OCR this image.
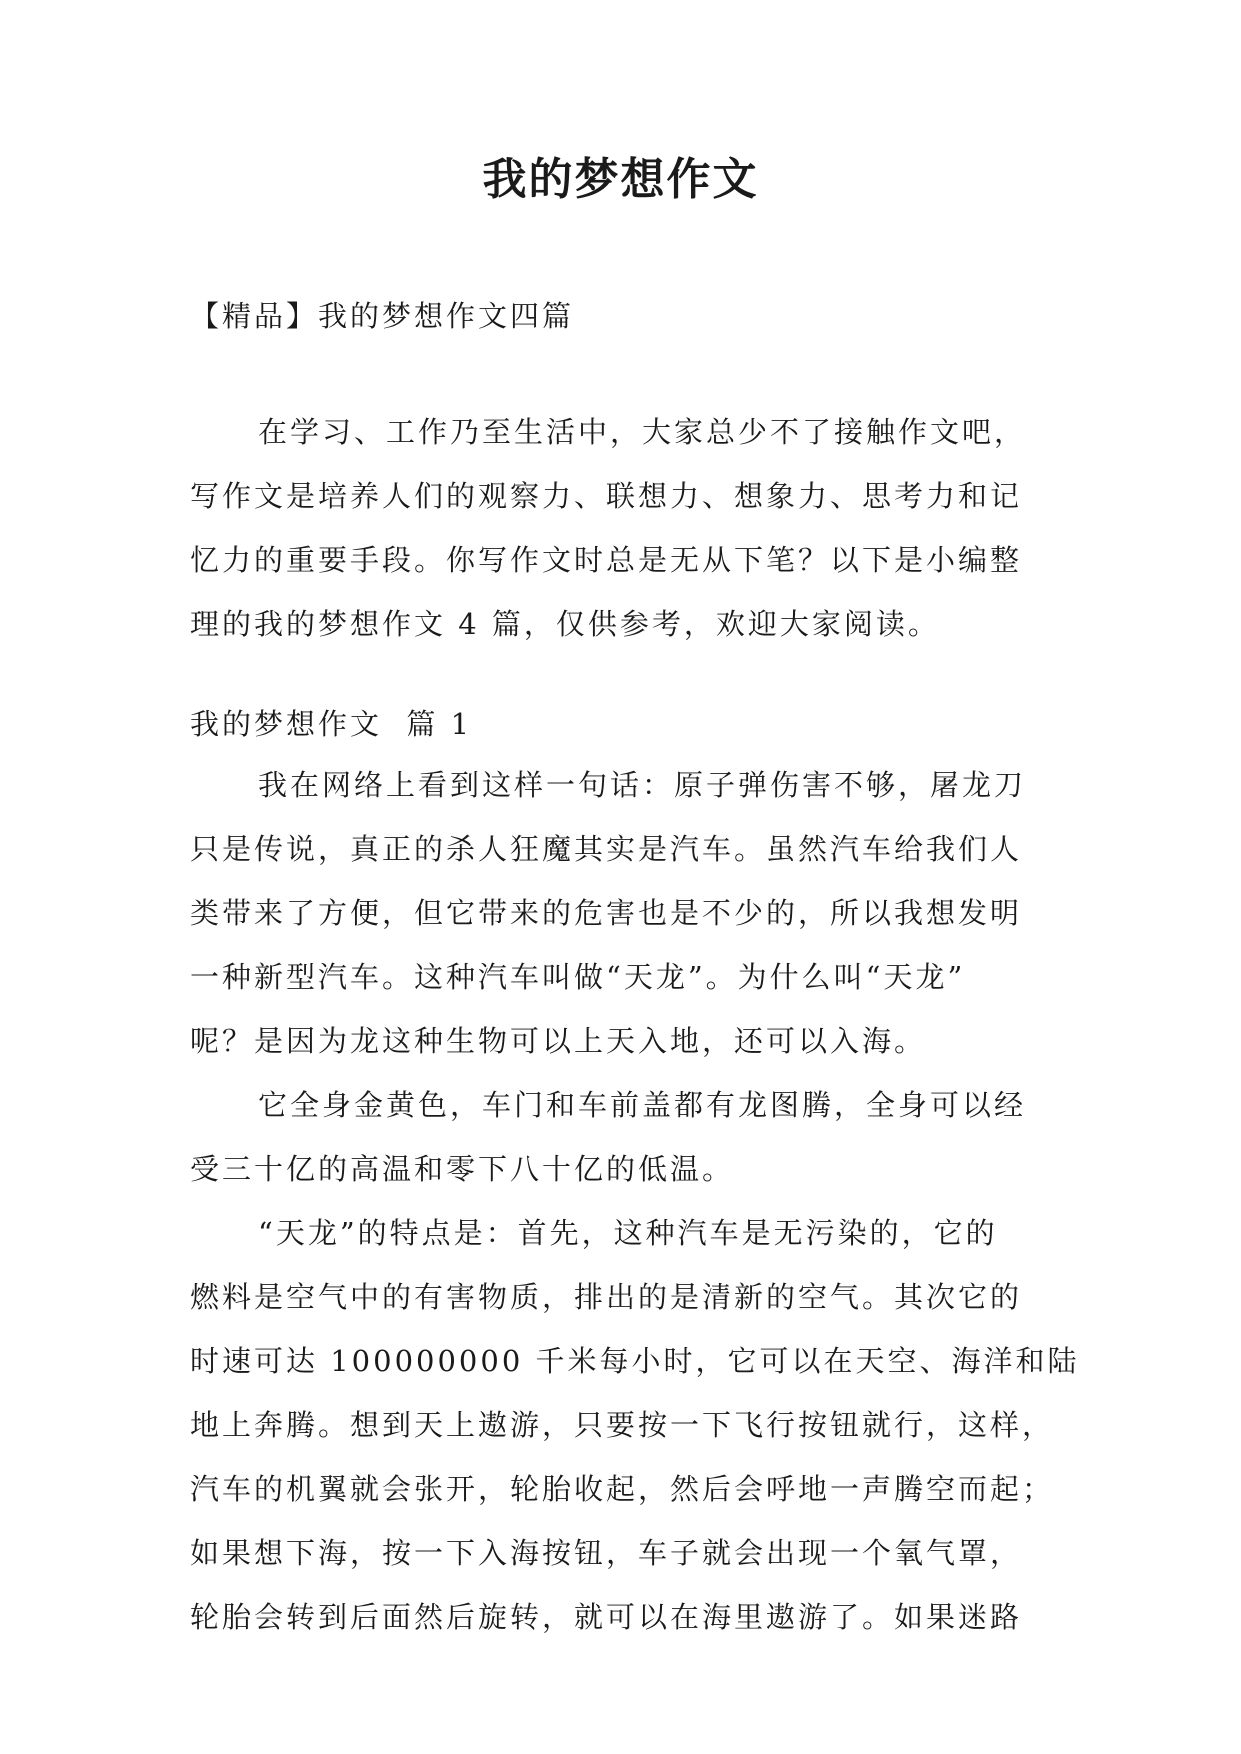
我的梦想作文
【精品】我的梦想作文四篇
在学习、工作乃至生活中，大家总少不了接触作文吧，
写作文是培养人们的观察力、联想力、想象力、思考力和记
忆力的重要手段。你写作文时总是无从下笔？以下是小编整
理的我的梦想作文 4 篇，仅供参考，欢迎大家阅读。
我的梦想作文  篇 1
我在网络上看到这样一句话：原子弹伤害不够，屠龙刀
只是传说，真正的杀人狂魔其实是汽车。虽然汽车给我们人
类带来了方便，但它带来的危害也是不少的，所以我想发明
一种新型汽车。这种汽车叫做“天龙”。为什么叫“天龙”
呢？是因为龙这种生物可以上天入地，还可以入海。
它全身金黄色，车门和车前盖都有龙图腾，全身可以经
受三十亿的高温和零下八十亿的低温。
“天龙”的特点是：首先，这种汽车是无污染的，它的
燃料是空气中的有害物质，排出的是清新的空气。其次它的
时速可达 100000000 千米每小时，它可以在天空、海洋和陆
地上奔腾。想到天上遨游，只要按一下飞行按钮就行，这样，
汽车的机翼就会张开，轮胎收起，然后会呼地一声腾空而起；
如果想下海，按一下入海按钮，车子就会出现一个氧气罩，
轮胎会转到后面然后旋转，就可以在海里遨游了。如果迷路
